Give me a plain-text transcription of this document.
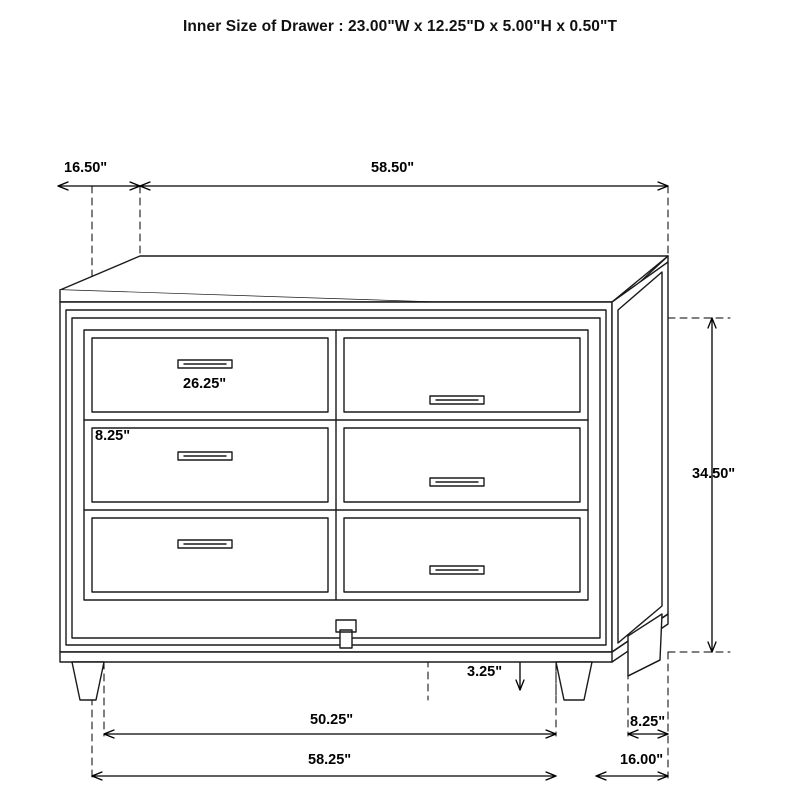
Inner Size of Drawer : 23.00"W x 12.25"D x 5.00"H x 0.50"T
16.50"	58.50"
26.25"
8.25"
34.50"
3.25"
50.25"	8.25"
58.25"	16.00"
